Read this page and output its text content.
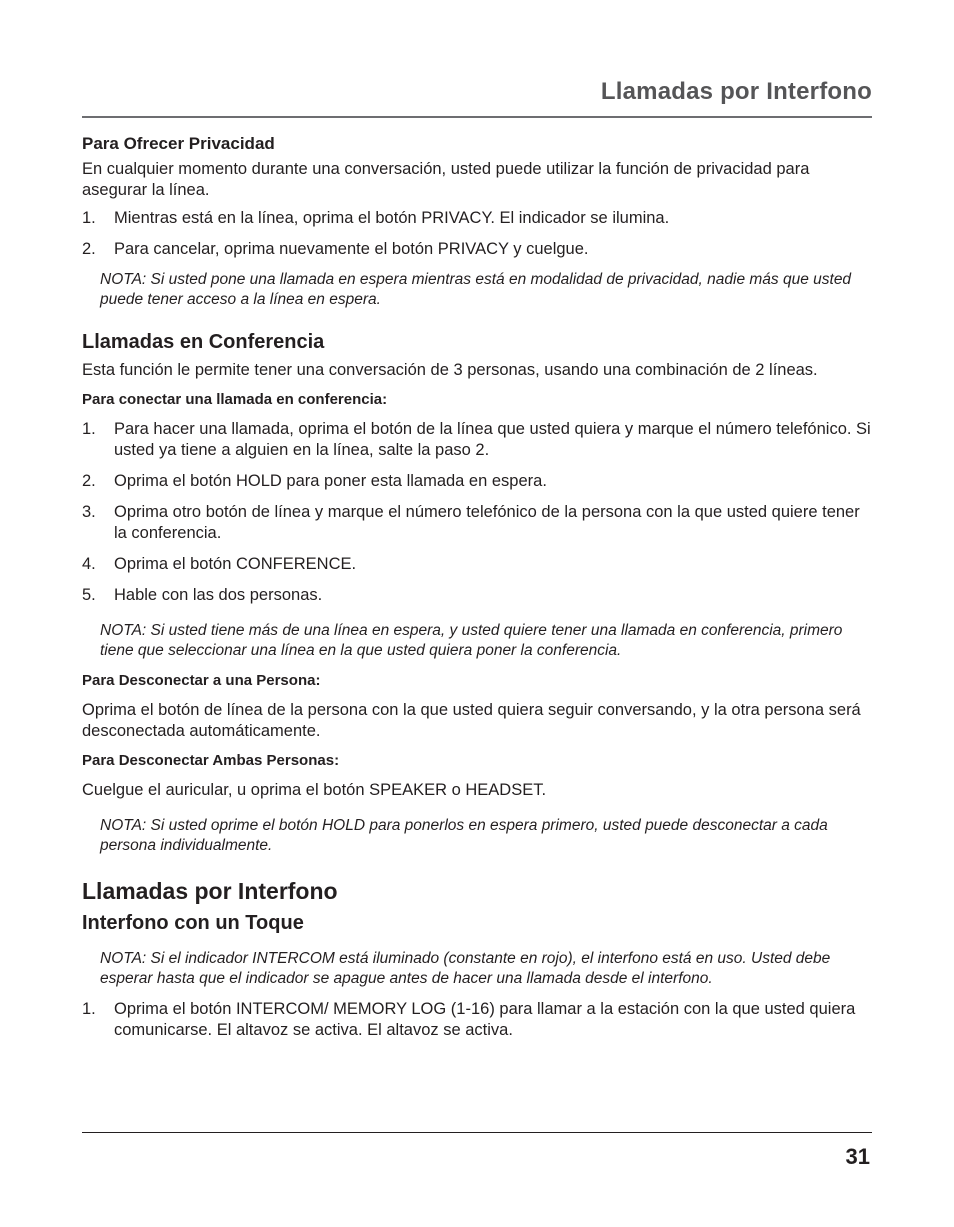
Llamadas por Interfono

Para Ofrecer Privacidad

En cualquier momento durante una conversación, usted puede utilizar la función de privacidad para asegurar la línea.

1. Mientras está en la línea, oprima el botón PRIVACY. El indicador se ilumina.
2. Para cancelar, oprima nuevamente el botón PRIVACY y cuelgue.

NOTA: Si usted pone una llamada en espera mientras está en modalidad de privacidad, nadie más que usted puede tener acceso a la línea en espera.

Llamadas en Conferencia

Esta función le permite tener una conversación de 3 personas, usando una combinación de 2 líneas.

Para conectar una llamada en conferencia:

1. Para hacer una llamada, oprima el botón de la línea que usted quiera y marque el número telefónico. Si usted ya tiene a alguien en la línea, salte la paso 2.
2. Oprima el botón HOLD para poner esta llamada en espera.
3. Oprima otro botón de línea y marque el número telefónico de la persona con la que usted quiere tener la conferencia.
4. Oprima el botón CONFERENCE.
5. Hable con las dos personas.

NOTA: Si usted tiene más de una línea en espera, y usted quiere tener una llamada en conferencia, primero tiene que seleccionar una línea en la que usted quiera poner la conferencia.

Para Desconectar a una Persona:

Oprima el botón de línea de la persona con la que usted quiera seguir conversando, y la otra persona será desconectada automáticamente.

Para Desconectar Ambas Personas:

Cuelgue el auricular, u oprima el botón SPEAKER o HEADSET.

NOTA: Si usted oprime el botón HOLD para ponerlos en espera primero, usted puede desconectar a cada persona individualmente.

Llamadas por Interfono

Interfono con un Toque

NOTA: Si el indicador INTERCOM está iluminado (constante en rojo), el interfono está en uso. Usted debe esperar hasta que el indicador se apague antes de hacer una llamada desde el interfono.

1. Oprima el botón INTERCOM/ MEMORY LOG (1-16) para llamar a la estación con la que usted quiera comunicarse. El altavoz se activa. El altavoz se activa.
31
